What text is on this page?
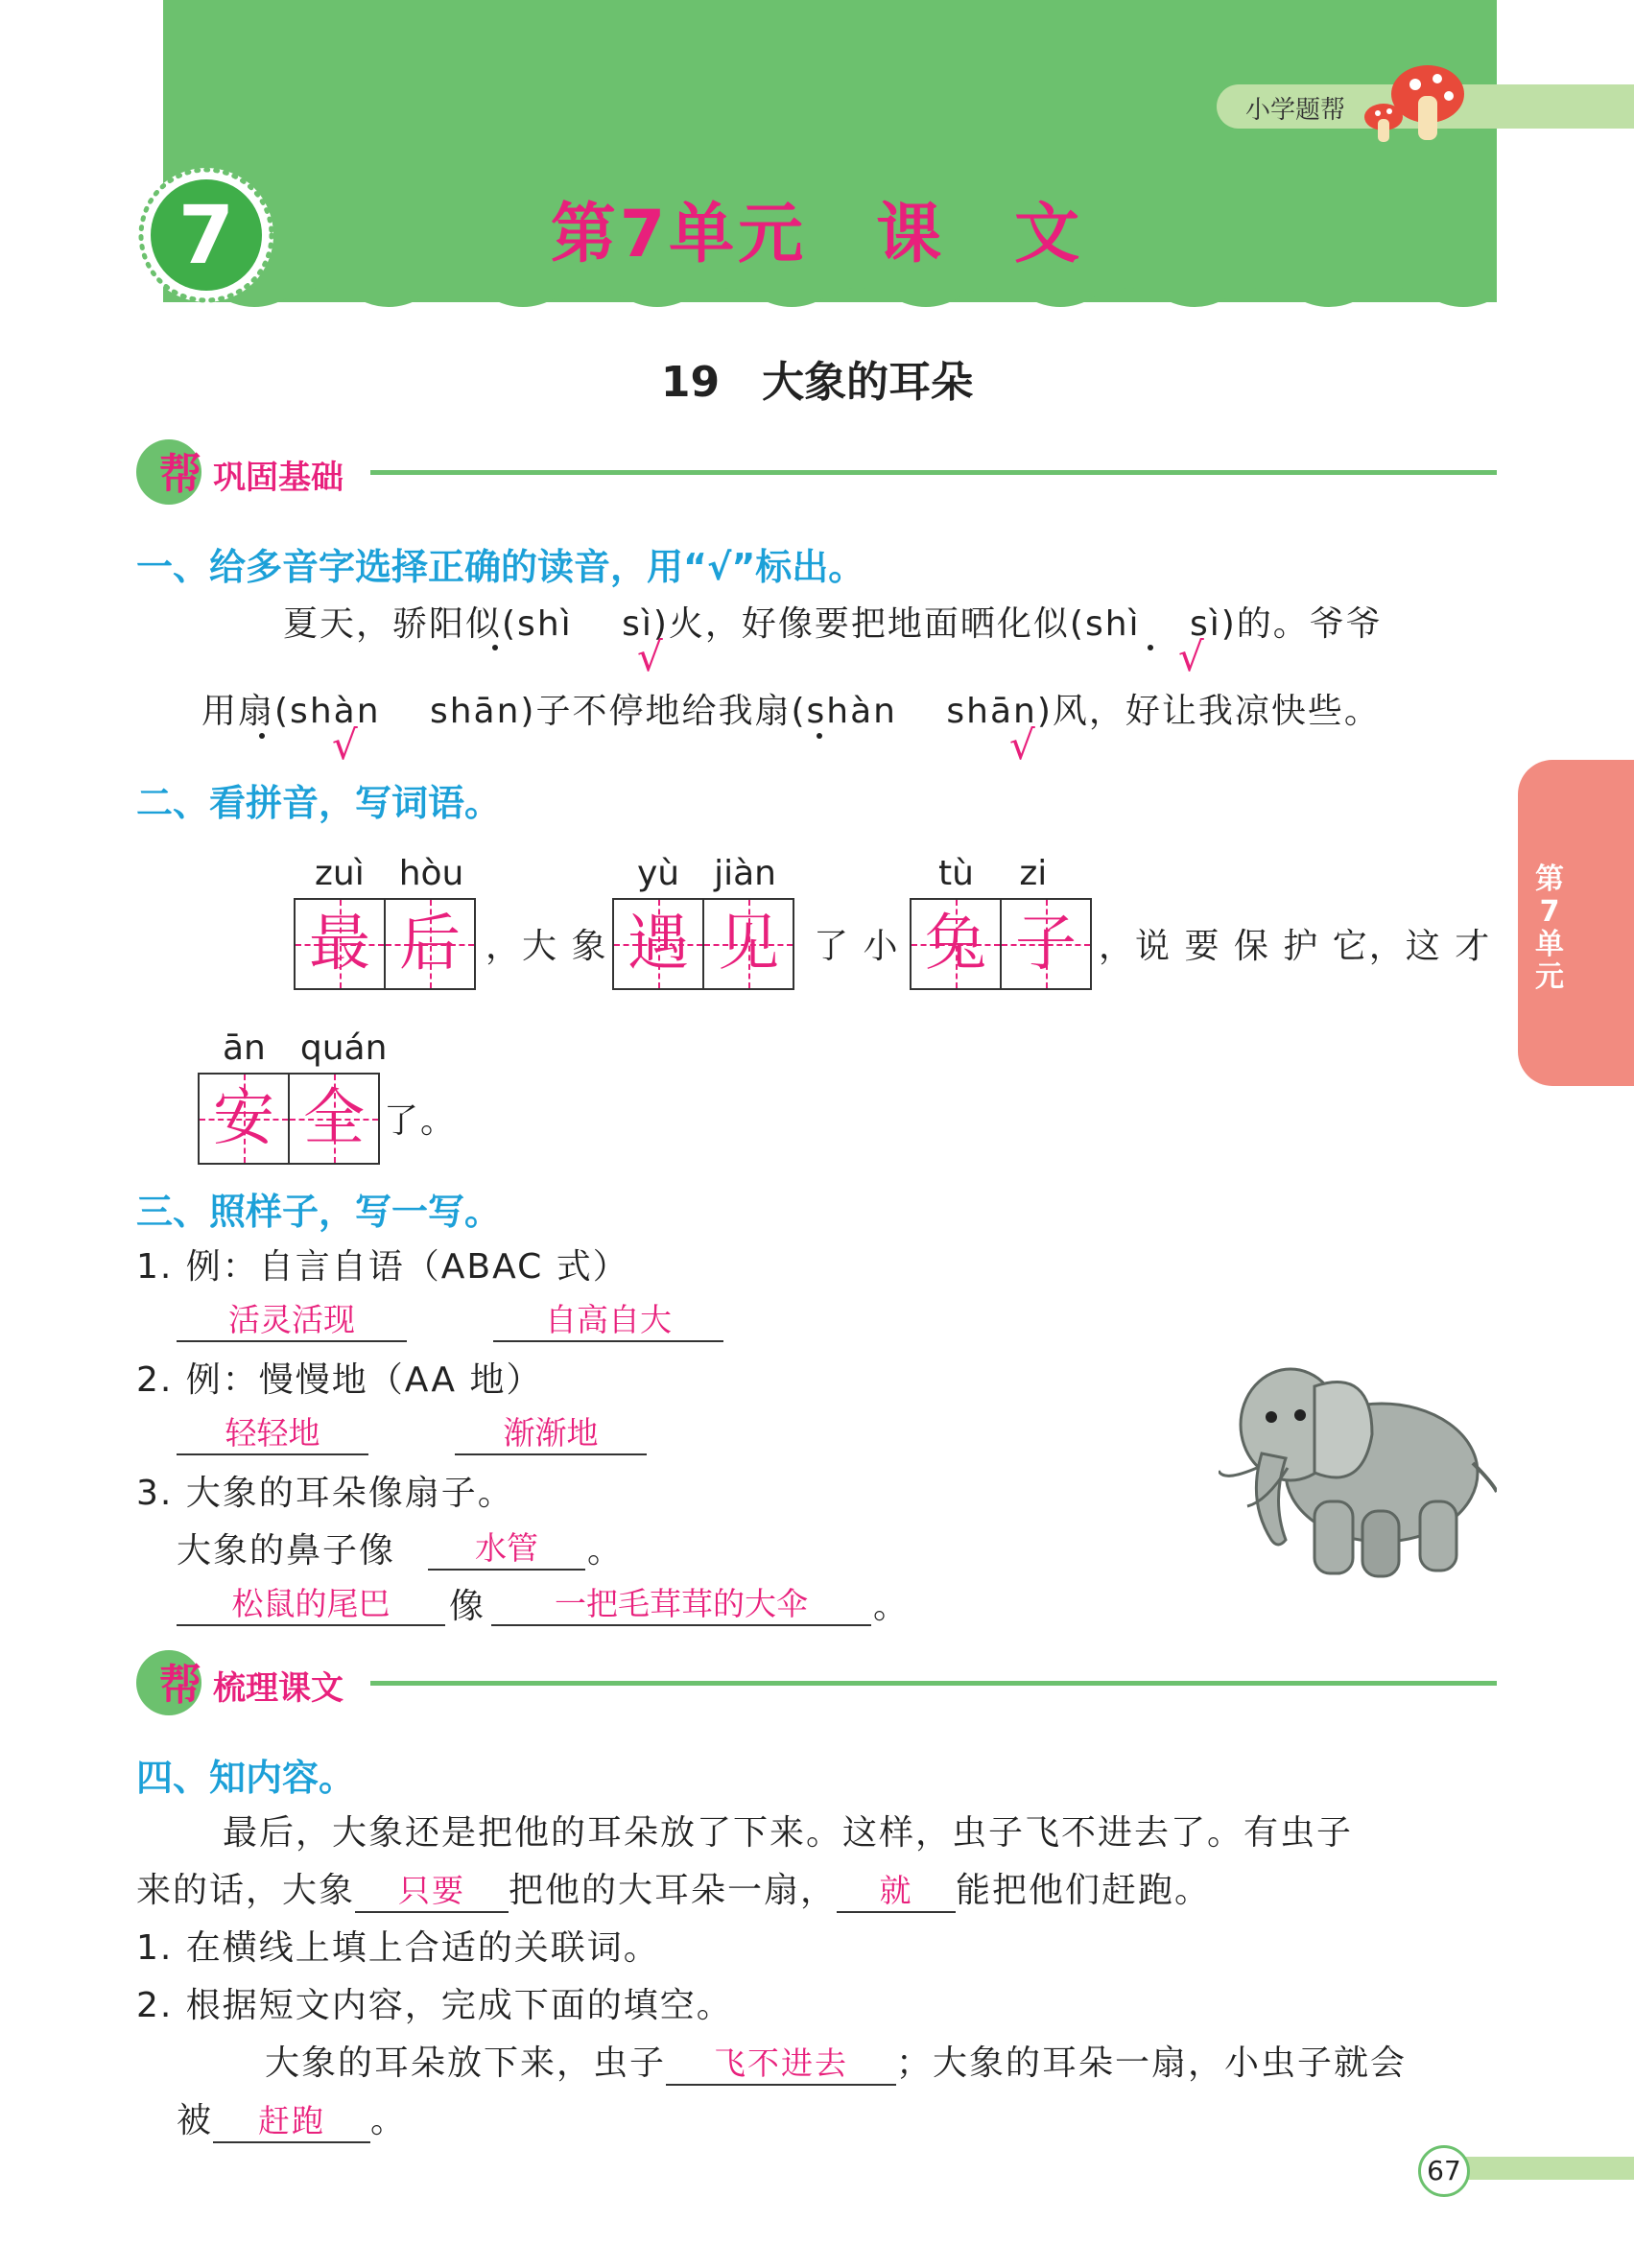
小学题帮
7	第7单元　课　文
19　大象的耳朵
帮 巩固基础
一、给多音字选择正确的读音，用“√”标出。
夏天，骄阳似(shì　 sì)火，好像要把地面晒化似(shì　 sì)的。爷爷
√	√
用扇(shàn　 shān)子不停地给我扇(shàn　 shān)风，好让我凉快些。
√	√
二、看拼音，写词语。
zuì　hòu	yù　jiàn	tù　 zi
最 后 ，大 象 遇 见	了 小 兔 子 ，说 要 保 护 它，这 才
ān　quán
安 全 了。
三、照样子，写一写。
1. 例：自言自语（ABAC 式）
活灵活现	自高自大
2. 例：慢慢地（AA 地）
轻轻地	渐渐地
3. 大象的耳朵像扇子。
大象的鼻子像	水管	。
松鼠的尾巴	像	一把毛茸茸的大伞	。
帮 梳理课文
四、知内容。
最后，大象还是把他的耳朵放了下来。这样，虫子飞不进去了。有虫子
来的话，大象 只要 把他的大耳朵一扇， 就 能把他们赶跑。
1. 在横线上填上合适的关联词。
2. 根据短文内容，完成下面的填空。
大象的耳朵放下来，虫子 飞不进去 ；大象的耳朵一扇，小虫子就会
被 赶跑 。
第7单元
67
